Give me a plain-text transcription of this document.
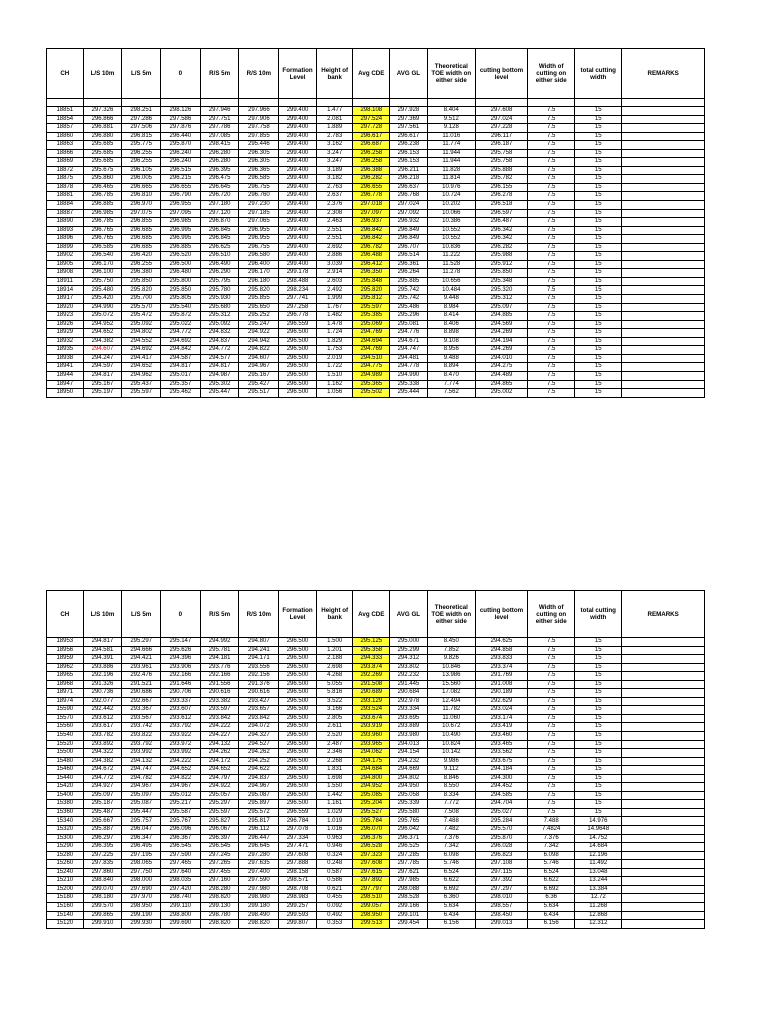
CH	L/S 10m	L/S 5m	0	R/S 5m	R/S 10m	Formation Level	Height of bank	Avg CDE	AVG GL	Theoretical TOE width on either side	cutting bottom level	Width of cutting on either side	total cutting width	REMARKS

18851	297.326	298.251	298.126	297.946	297.966	299.400	1.477	298.108	297.928	8.404	297.608	7.5	15	
18854	296.866	297.286	297.586	297.751	297.906	299.400	2.081	297.524	297.369	9.512	297.024	7.5	15	
18857	296.881	297.506	297.876	297.786	297.758	299.400	1.889	297.728	297.561	9.128	297.228	7.5	15	
18860	296.880	296.815	296.440	297.085	297.855	299.400	2.783	296.617	296.617	11.016	296.117	7.5	15	
18863	295.685	295.775	295.870	298.415	295.446	299.400	3.162	296.687	296.238	11.774	296.187	7.5	15	
18866	295.685	296.255	296.240	296.280	296.305	299.400	3.247	296.258	296.153	11.944	295.758	7.5	15	
18869	295.685	296.255	296.240	296.280	296.305	299.400	3.247	296.258	296.153	11.944	295.758	7.5	15	
18872	295.675	296.105	296.515	296.395	296.365	299.400	3.189	296.388	296.211	11.828	295.888	7.5	15	
18875	295.860	296.005	296.215	296.475	296.585	299.400	3.182	296.282	296.218	11.814	295.782	7.5	15	
18878	296.465	296.665	296.655	296.645	296.755	299.400	2.763	296.655	296.637	10.976	296.155	7.5	15	
18881	296.785	296.810	296.790	296.720	296.760	299.400	2.637	296.778	296.768	10.724	296.278	7.5	15	
18884	296.885	296.970	296.955	297.180	297.230	299.400	2.376	297.018	297.024	10.202	296.518	7.5	15	
18887	296.985	297.075	297.095	297.120	297.185	299.400	2.308	297.097	297.092	10.066	296.597	7.5	15	
18890	296.785	296.855	296.985	296.870	297.065	299.400	2.463	296.937	296.932	10.386	296.487	7.5	15	
18893	296.765	296.685	296.995	296.845	296.955	299.400	2.551	296.842	296.849	10.552	296.342	7.5	15	
18896	296.765	296.685	296.995	296.845	296.955	299.400	2.551	296.842	296.849	10.552	296.342	7.5	15	
18899	296.585	296.685	296.885	296.625	296.755	299.400	2.692	296.782	296.707	10.836	296.282	7.5	15	
18902	296.540	296.420	296.520	296.510	296.580	299.400	2.886	296.488	296.514	11.222	295.988	7.5	15	
18905	296.170	296.255	296.500	296.490	296.400	299.400	3.039	296.412	296.361	11.528	295.912	7.5	15	
18908	296.100	296.380	296.480	296.290	296.170	299.178	2.914	296.350	296.264	11.278	295.850	7.5	15	
18911	295.750	295.850	295.800	295.795	296.180	298.488	2.603	295.848	295.885	10.656	295.348	7.5	15	
18914	295.480	295.820	295.850	295.780	295.820	298.234	2.492	295.820	295.742	10.484	295.320	7.5	15	
18917	295.420	295.700	295.805	295.930	295.855	297.741	1.999	295.812	295.742	9.448	295.312	7.5	15	
18920	294.990	295.570	295.540	295.680	295.650	297.258	1.767	295.597	295.486	8.984	295.097	7.5	15	
18923	295.072	295.472	295.872	295.312	295.252	296.778	1.482	295.385	295.296	8.414	294.885	7.5	15	
18926	294.952	295.092	295.022	295.092	295.247	296.559	1.478	295.069	295.081	8.406	294.569	7.5	15	
18929	294.652	294.802	294.772	294.832	294.922	296.500	1.724	294.769	294.776	8.898	294.269	7.5	15	
18932	294.382	294.552	294.692	294.837	294.942	296.500	1.829	294.694	294.671	9.108	294.194	7.5	15	
18935	294.607	294.692	294.842	294.772	294.822	296.500	1.753	294.769	294.747	8.956	294.269	7.5	15	
18938	294.247	294.417	294.587	294.577	294.607	296.500	2.019	294.510	294.481	9.488	294.010	7.5	15	
18941	294.597	294.652	294.817	294.817	294.967	296.500	1.722	294.775	294.778	8.894	294.275	7.5	15	
18944	294.817	294.962	295.017	294.987	295.167	296.500	1.510	294.989	294.990	8.470	294.489	7.5	15	
18947	295.167	295.437	295.357	295.302	295.427	296.500	1.162	295.365	295.338	7.774	294.865	7.5	15	
18950	295.197	295.597	295.462	295.447	295.517	296.500	1.056	295.502	295.444	7.562	295.002	7.5	15	
CH	L/S 10m	L/S 5m	0	R/S 5m	R/S 10m	Formation Level	Height of bank	Avg CDE	AVG GL	Theoretical TOE width on either side	cutting bottom level	Width of cutting on either side	total cutting width	REMARKS
18953	294.817	295.297	295.147	294.992	294.807	296.500	1.500	295.125	295.000	8.450	294.625	7.5	15	
18956	294.581	294.666	295.626	295.781	294.241	296.500	1.201	295.358	295.299	7.852	294.858	7.5	15	
18959	294.391	294.421	294.396	294.181	294.171	296.500	2.188	294.333	294.312	9.826	293.833	7.5	15	
18962	293.886	293.961	293.906	293.776	293.556	296.500	2.698	293.874	293.802	10.846	293.374	7.5	15	
18965	292.196	292.476	292.166	292.166	292.156	296.500	4.268	292.269	292.232	13.986	291.769	7.5	15	
18968	291.326	291.521	291.646	291.556	291.376	296.500	5.055	291.508	291.445	15.560	291.008	7.5	15	
18971	290.736	290.686	290.706	290.616	290.616	296.500	5.816	290.689	290.684	17.082	290.189	7.5	15	
18974	292.077	292.667	293.337	293.382	293.427	296.500	3.522	293.129	292.978	12.494	292.629	7.5	15	
15590	292.442	293.367	293.607	293.597	293.657	296.500	3.166	293.524	293.334	11.782	293.024	7.5	15	
15570	293.612	293.567	293.612	293.842	293.842	296.500	2.805	293.674	293.695	11.060	293.174	7.5	15	
15560	293.617	293.742	293.792	294.222	294.072	296.500	2.611	293.919	293.889	10.672	293.419	7.5	15	
15540	293.782	293.822	293.922	294.227	294.327	296.500	2.520	293.960	293.980	10.490	293.460	7.5	15	
15520	293.892	293.792	293.972	294.132	294.527	296.500	2.487	293.965	294.013	10.824	293.465	7.5	15	
15500	294.322	293.992	293.992	294.262	294.262	296.500	2.346	294.062	294.154	10.142	293.562	7.5	15	
15480	294.382	294.132	294.222	294.172	294.252	296.500	2.268	294.175	294.232	9.986	293.675	7.5	15	
15460	294.672	294.747	294.652	294.652	294.622	296.500	1.831	294.684	294.669	9.112	294.184	7.5	15	
15440	294.772	294.782	294.822	294.797	294.837	296.500	1.698	294.800	294.802	8.846	294.300	7.5	15	
15420	294.927	294.967	294.967	294.922	294.967	296.500	1.550	294.952	294.950	8.550	294.452	7.5	15	
15400	295.097	295.097	295.012	295.057	295.087	296.500	1.442	295.085	295.058	8.334	294.585	7.5	15	
15380	295.187	295.087	295.217	295.297	295.897	296.500	1.161	295.204	295.339	7.772	294.704	7.5	15	
15360	295.487	295.447	295.587	295.597	295.572	296.559	1.029	295.527	295.580	7.508	295.027	7.5	15	
15340	295.667	295.757	295.767	295.827	295.817	296.784	1.019	295.784	295.765	7.488	295.284	7.488	14.976	
15320	295.887	296.047	296.096	296.067	296.112	297.078	1.016	296.070	296.042	7.482	295.570	7.4824	14.9648	
15300	296.297	296.347	296.367	296.397	296.447	297.334	0.963	296.376	296.371	7.376	295.870	7.376	14.752	
15290	296.395	296.495	296.545	296.545	296.645	297.471	0.946	296.528	296.525	7.342	296.028	7.342	14.684	
15280	297.225	297.195	297.590	297.245	297.280	297.608	0.324	297.323	297.285	6.098	296.823	6.098	12.196	
15260	297.835	298.065	297.465	297.265	297.635	297.888	0.248	297.608	297.785	5.746	297.108	5.746	11.492	
15240	297.860	297.750	297.640	297.455	297.400	298.158	0.587	297.615	297.621	6.524	297.115	6.524	13.048	
15210	298.840	298.000	298.035	297.160	297.590	298.571	0.586	297.892	297.985	6.622	297.392	6.622	13.244	
15200	299.070	297.690	297.420	298.280	297.980	298.708	0.621	297.797	298.088	6.692	297.297	6.692	13.384	
15180	298.180	297.970	298.740	298.820	298.980	298.983	0.455	298.510	298.528	6.360	298.010	6.36	12.72	
15160	299.570	298.950	299.110	299.130	299.180	299.257	0.092	299.057	299.166	5.634	298.557	5.634	11.268	
15140	299.865	299.190	298.800	298.780	298.490	299.593	0.492	298.950	299.101	6.434	298.450	6.434	12.868	
15120	299.910	299.930	299.690	298.820	298.820	299.807	0.353	299.513	299.454	6.156	299.013	6.156	12.312	
